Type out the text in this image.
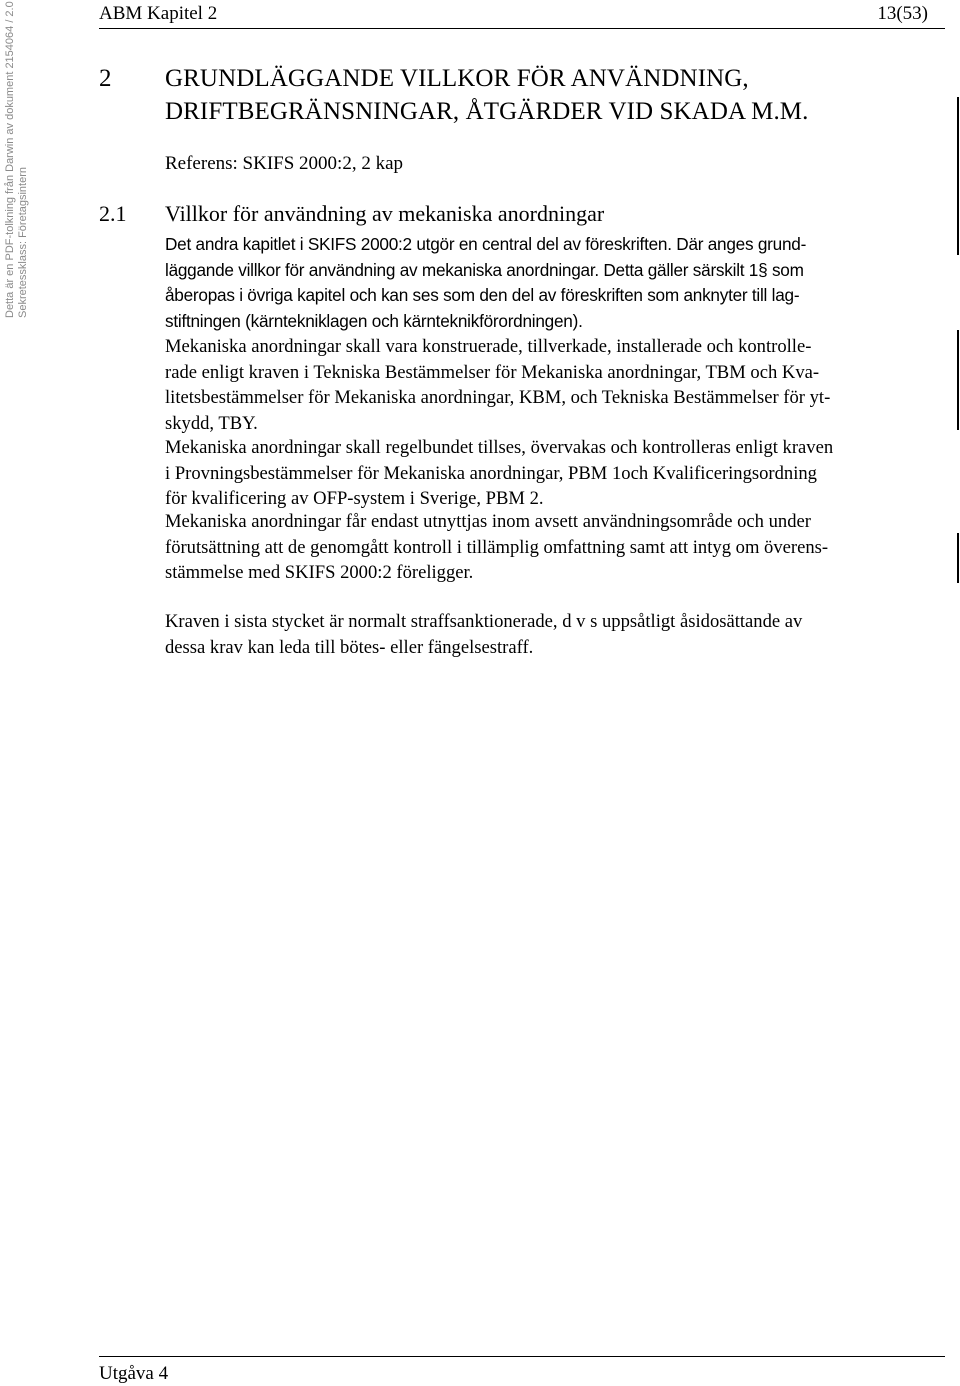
Detta är en PDF-tolkning från Darwin av dokument 2154064 / 2.0 Sekretessklass: Företagsintern
ABM Kapitel 2	13(53)
2 GRUNDLÄGGANDE VILLKOR FÖR ANVÄNDNING,
DRIFTBEGRÄNSNINGAR, ÅTGÄRDER VID SKADA M.M.
Referens: SKIFS 2000:2, 2 kap
2.1 Villkor för användning av mekaniska anordningar
Det andra kapitlet i SKIFS 2000:2 utgör en central del av föreskriften. Där anges grund-
läggande villkor för användning av mekaniska anordningar. Detta gäller särskilt 1§ som
åberopas i övriga kapitel och kan ses som den del av föreskriften som anknyter till lag-
stiftningen (kärntekniklagen och kärnteknikförordningen).
Mekaniska anordningar skall vara konstruerade, tillverkade, installerade och kontrolle-
rade enligt kraven i Tekniska Bestämmelser för Mekaniska anordningar, TBM och Kva-
litetsbestämmelser för Mekaniska anordningar, KBM, och Tekniska Bestämmelser för yt-
skydd, TBY.
Mekaniska anordningar skall regelbundet tillses, övervakas och kontrolleras enligt kraven
i Provningsbestämmelser för Mekaniska anordningar, PBM 1och Kvalificeringsordning
för kvalificering av OFP-system i Sverige, PBM 2.
Mekaniska anordningar får endast utnyttjas inom avsett användningsområde och under
förutsättning att de genomgått kontroll i tillämplig omfattning samt att intyg om överens-
stämmelse med SKIFS 2000:2 föreligger.
Kraven i sista stycket är normalt straffsanktionerade, d v s uppsåtligt åsidosättande av
dessa krav kan leda till bötes- eller fängelsestraff.
Utgåva 4
